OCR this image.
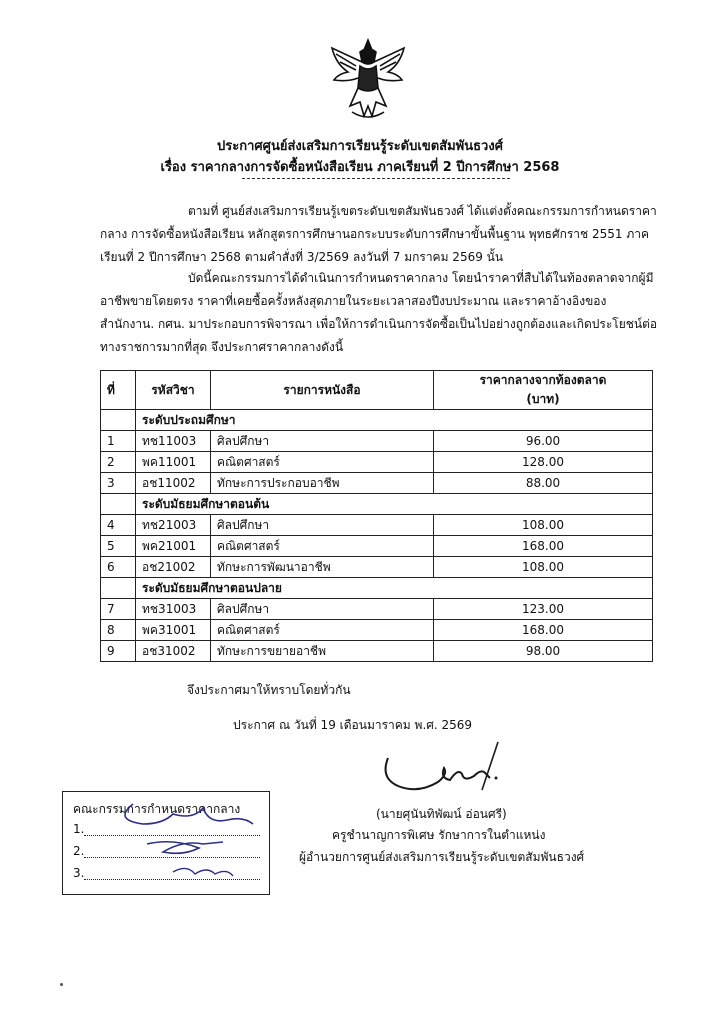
ประกาศศูนย์ส่งเสริมการเรียนรู้ระดับเขตสัมพันธวงศ์
เรื่อง ราคากลางการจัดซื้อหนังสือเรียน ภาคเรียนที่ 2 ปีการศึกษา 2568
ตามที่ ศูนย์ส่งเสริมการเรียนรู้เขตระดับเขตสัมพันธวงศ์ ได้แต่งตั้งคณะกรรมการกำหนดราคากลาง การจัดซื้อหนังสือเรียน หลักสูตรการศึกษานอกระบบระดับการศึกษาขั้นพื้นฐาน พุทธศักราช 2551 ภาคเรียนที่ 2 ปีการศึกษา 2568 ตามคำสั่งที่ 3/2569 ลงวันที่ 7 มกราคม 2569 นั้น
บัดนี้คณะกรรมการได้ดำเนินการกำหนดราคากลาง โดยนำราคาที่สืบได้ในท้องตลาดจากผู้มีอาชีพขายโดยตรง ราคาที่เคยซื้อครั้งหลังสุดภายในระยะเวลาสองปีงบประมาณ และราคาอ้างอิงของ สำนักงาน. กศน. มาประกอบการพิจารณา เพื่อให้การดำเนินการจัดซื้อเป็นไปอย่างถูกต้องและเกิดประโยชน์ต่อทางราชการมากที่สุด จึงประกาศราคากลางดังนี้
ที่	รหัสวิชา	รายการหนังสือ	ราคากลางจากท้องตลาด
(บาท)
	ระดับประถมศึกษา		
1	ทช11003	ศิลปศึกษา	96.00
2	พค11001	คณิตศาสตร์	128.00
3	อช11002	ทักษะการประกอบอาชีพ	88.00
	ระดับมัธยมศึกษาตอนต้น		
4	ทช21003	ศิลปศึกษา	108.00
5	พค21001	คณิตศาสตร์	168.00
6	อช21002	ทักษะการพัฒนาอาชีพ	108.00
	ระดับมัธยมศึกษาตอนปลาย		
7	ทช31003	ศิลปศึกษา	123.00
8	พค31001	คณิตศาสตร์	168.00
9	อช31002	ทักษะการขยายอาชีพ	98.00
จึงประกาศมาให้ทราบโดยทั่วกัน
ประกาศ ณ วันที่ 19 เดือนมาราคม พ.ศ. 2569
(นายศุนันทิพัฒน์ อ่อนศรี)
ครูชำนาญการพิเศษ รักษาการในตำแหน่ง
ผู้อำนวยการศูนย์ส่งเสริมการเรียนรู้ระดับเขตสัมพันธวงศ์
คณะกรรมการกำหนดราคากลาง
1.
2.
3.
